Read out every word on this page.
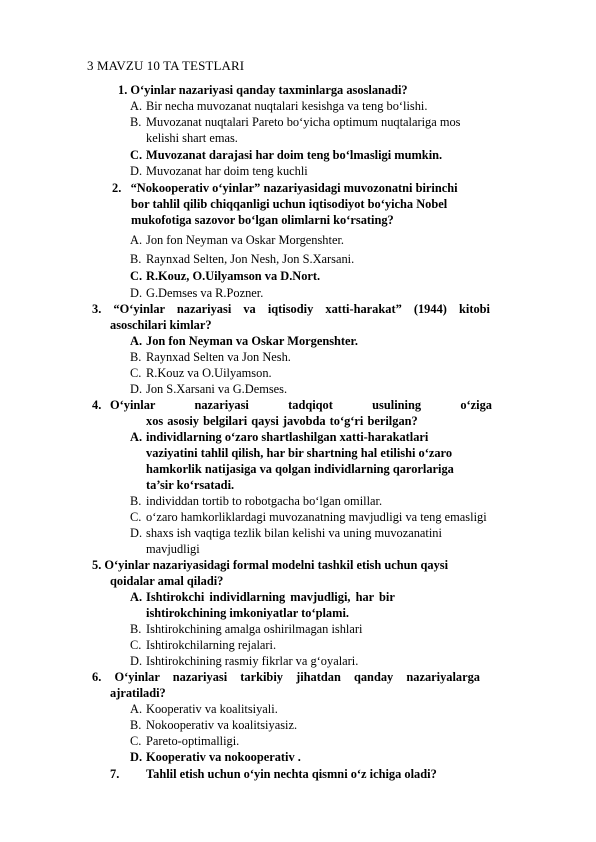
3 MAVZU 10 TA TESTLARI
1. O‘yinlar nazariyasi qanday taxminlarga asoslanadi?
A. Bir necha muvozanat nuqtalari kesishga va teng bo‘lishi.
B. Muvozanat nuqtalari Pareto bo‘yicha optimum nuqtalariga mos
kelishi shart emas.
C. Muvozanat darajasi har doim teng bo‘lmasligi mumkin.
D. Muvozanat har doim teng kuchli
2. “Nokooperativ o‘yinlar” nazariyasidagi muvozonatni birinchi
bor tahlil qilib chiqqanligi uchun iqtisodiyot bo‘yicha Nobel
mukofotiga sazovor bo‘lgan olimlarni ko‘rsating?
A. Jon fon Neyman va Oskar Morgenshter.
B. Raynxad Selten, Jon Nesh, Jon S.Xarsani.
C. R.Kouz, O.Uilyamson va D.Nort.
D. G.Demses va R.Pozner.
3. “O‘yinlar nazariyasi va iqtisodiy xatti-harakat” (1944) kitobi
asoschilari kimlar?
A. Jon fon Neyman va Oskar Morgenshter.
B. Raynxad Selten va Jon Nesh.
C. R.Kouz va O.Uilyamson.
D. Jon S.Xarsani va G.Demses.
4. O‘yinlar nazariyasi tadqiqot usulining o‘ziga
xos asosiy belgilari qaysi javobda to‘g‘ri berilgan?
A. individlarning o‘zaro shartlashilgan xatti-harakatlari
vaziyatini tahlil qilish, har bir shartning hal etilishi o‘zaro
hamkorlik natijasiga va qolgan individlarning qarorlariga
ta’sir ko‘rsatadi.
B. individdan tortib to robotgacha bo‘lgan omillar.
C. o‘zaro hamkorliklardagi muvozanatning mavjudligi va teng emasligi
D. shaxs ish vaqtiga tezlik bilan kelishi va uning muvozanatini
mavjudligi
5. O‘yinlar nazariyasidagi formal modelni tashkil etish uchun qaysi
qoidalar amal qiladi?
A. Ishtirokchi individlarning mavjudligi, har bir
ishtirokchining imkoniyatlar to‘plami.
B. Ishtirokchining amalga oshirilmagan ishlari
C. Ishtirokchilarning rejalari.
D. Ishtirokchining rasmiy fikrlar va g‘oyalari.
6. O‘yinlar nazariyasi tarkibiy jihatdan qanday nazariyalarga
ajratiladi?
A. Kooperativ va koalitsiyali.
B. Nokooperativ va koalitsiyasiz.
C. Pareto-optimalligi.
D. Kooperativ va nokooperativ .
7. Tahlil etish uchun o‘yin nechta qismni o‘z ichiga oladi?
